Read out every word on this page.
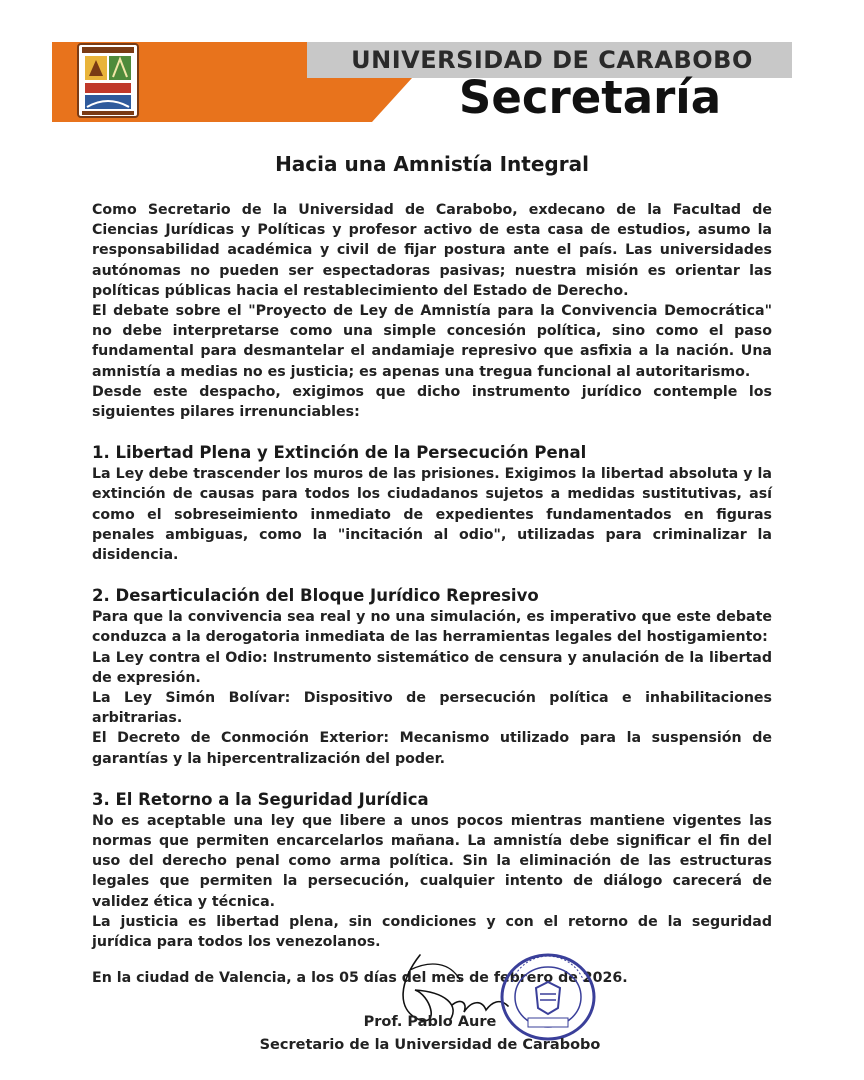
UNIVERSIDAD DE CARABOBO
Secretaría
Hacia una Amnistía Integral

Como Secretario de la Universidad de Carabobo, exdecano de la Facultad de Ciencias Jurídicas y Políticas y profesor activo de esta casa de estudios, asumo la responsabilidad académica y civil de fijar postura ante el país. Las universidades autónomas no pueden ser espectadoras pasivas; nuestra misión es orientar las políticas públicas hacia el restablecimiento del Estado de Derecho.

El debate sobre el "Proyecto de Ley de Amnistía para la Convivencia Democrática" no debe interpretarse como una simple concesión política, sino como el paso fundamental para desmantelar el andamiaje represivo que asfixia a la nación. Una amnistía a medias no es justicia; es apenas una tregua funcional al autoritarismo.

Desde este despacho, exigimos que dicho instrumento jurídico contemple los siguientes pilares irrenunciables:

1. Libertad Plena y Extinción de la Persecución Penal

La Ley debe trascender los muros de las prisiones. Exigimos la libertad absoluta y la extinción de causas para todos los ciudadanos sujetos a medidas sustitutivas, así como el sobreseimiento inmediato de expedientes fundamentados en figuras penales ambiguas, como la "incitación al odio", utilizadas para criminalizar la disidencia.

2. Desarticulación del Bloque Jurídico Represivo

Para que la convivencia sea real y no una simulación, es imperativo que este debate conduzca a la derogatoria inmediata de las herramientas legales del hostigamiento:

La Ley contra el Odio: Instrumento sistemático de censura y anulación de la libertad de expresión.

La Ley Simón Bolívar: Dispositivo de persecución política e inhabilitaciones arbitrarias.

El Decreto de Conmoción Exterior: Mecanismo utilizado para la suspensión de garantías y la hipercentralización del poder.

3. El Retorno a la Seguridad Jurídica

No es aceptable una ley que libere a unos pocos mientras mantiene vigentes las normas que permiten encarcelarlos mañana. La amnistía debe significar el fin del uso del derecho penal como arma política. Sin la eliminación de las estructuras legales que permiten la persecución, cualquier intento de diálogo carecerá de validez ética y técnica.

La justicia es libertad plena, sin condiciones y con el retorno de la seguridad jurídica para todos los venezolanos.

En la ciudad de Valencia, a los 05 días del mes de febrero de 2026.

Prof. Pablo Aure
Secretario de la Universidad de Carabobo
